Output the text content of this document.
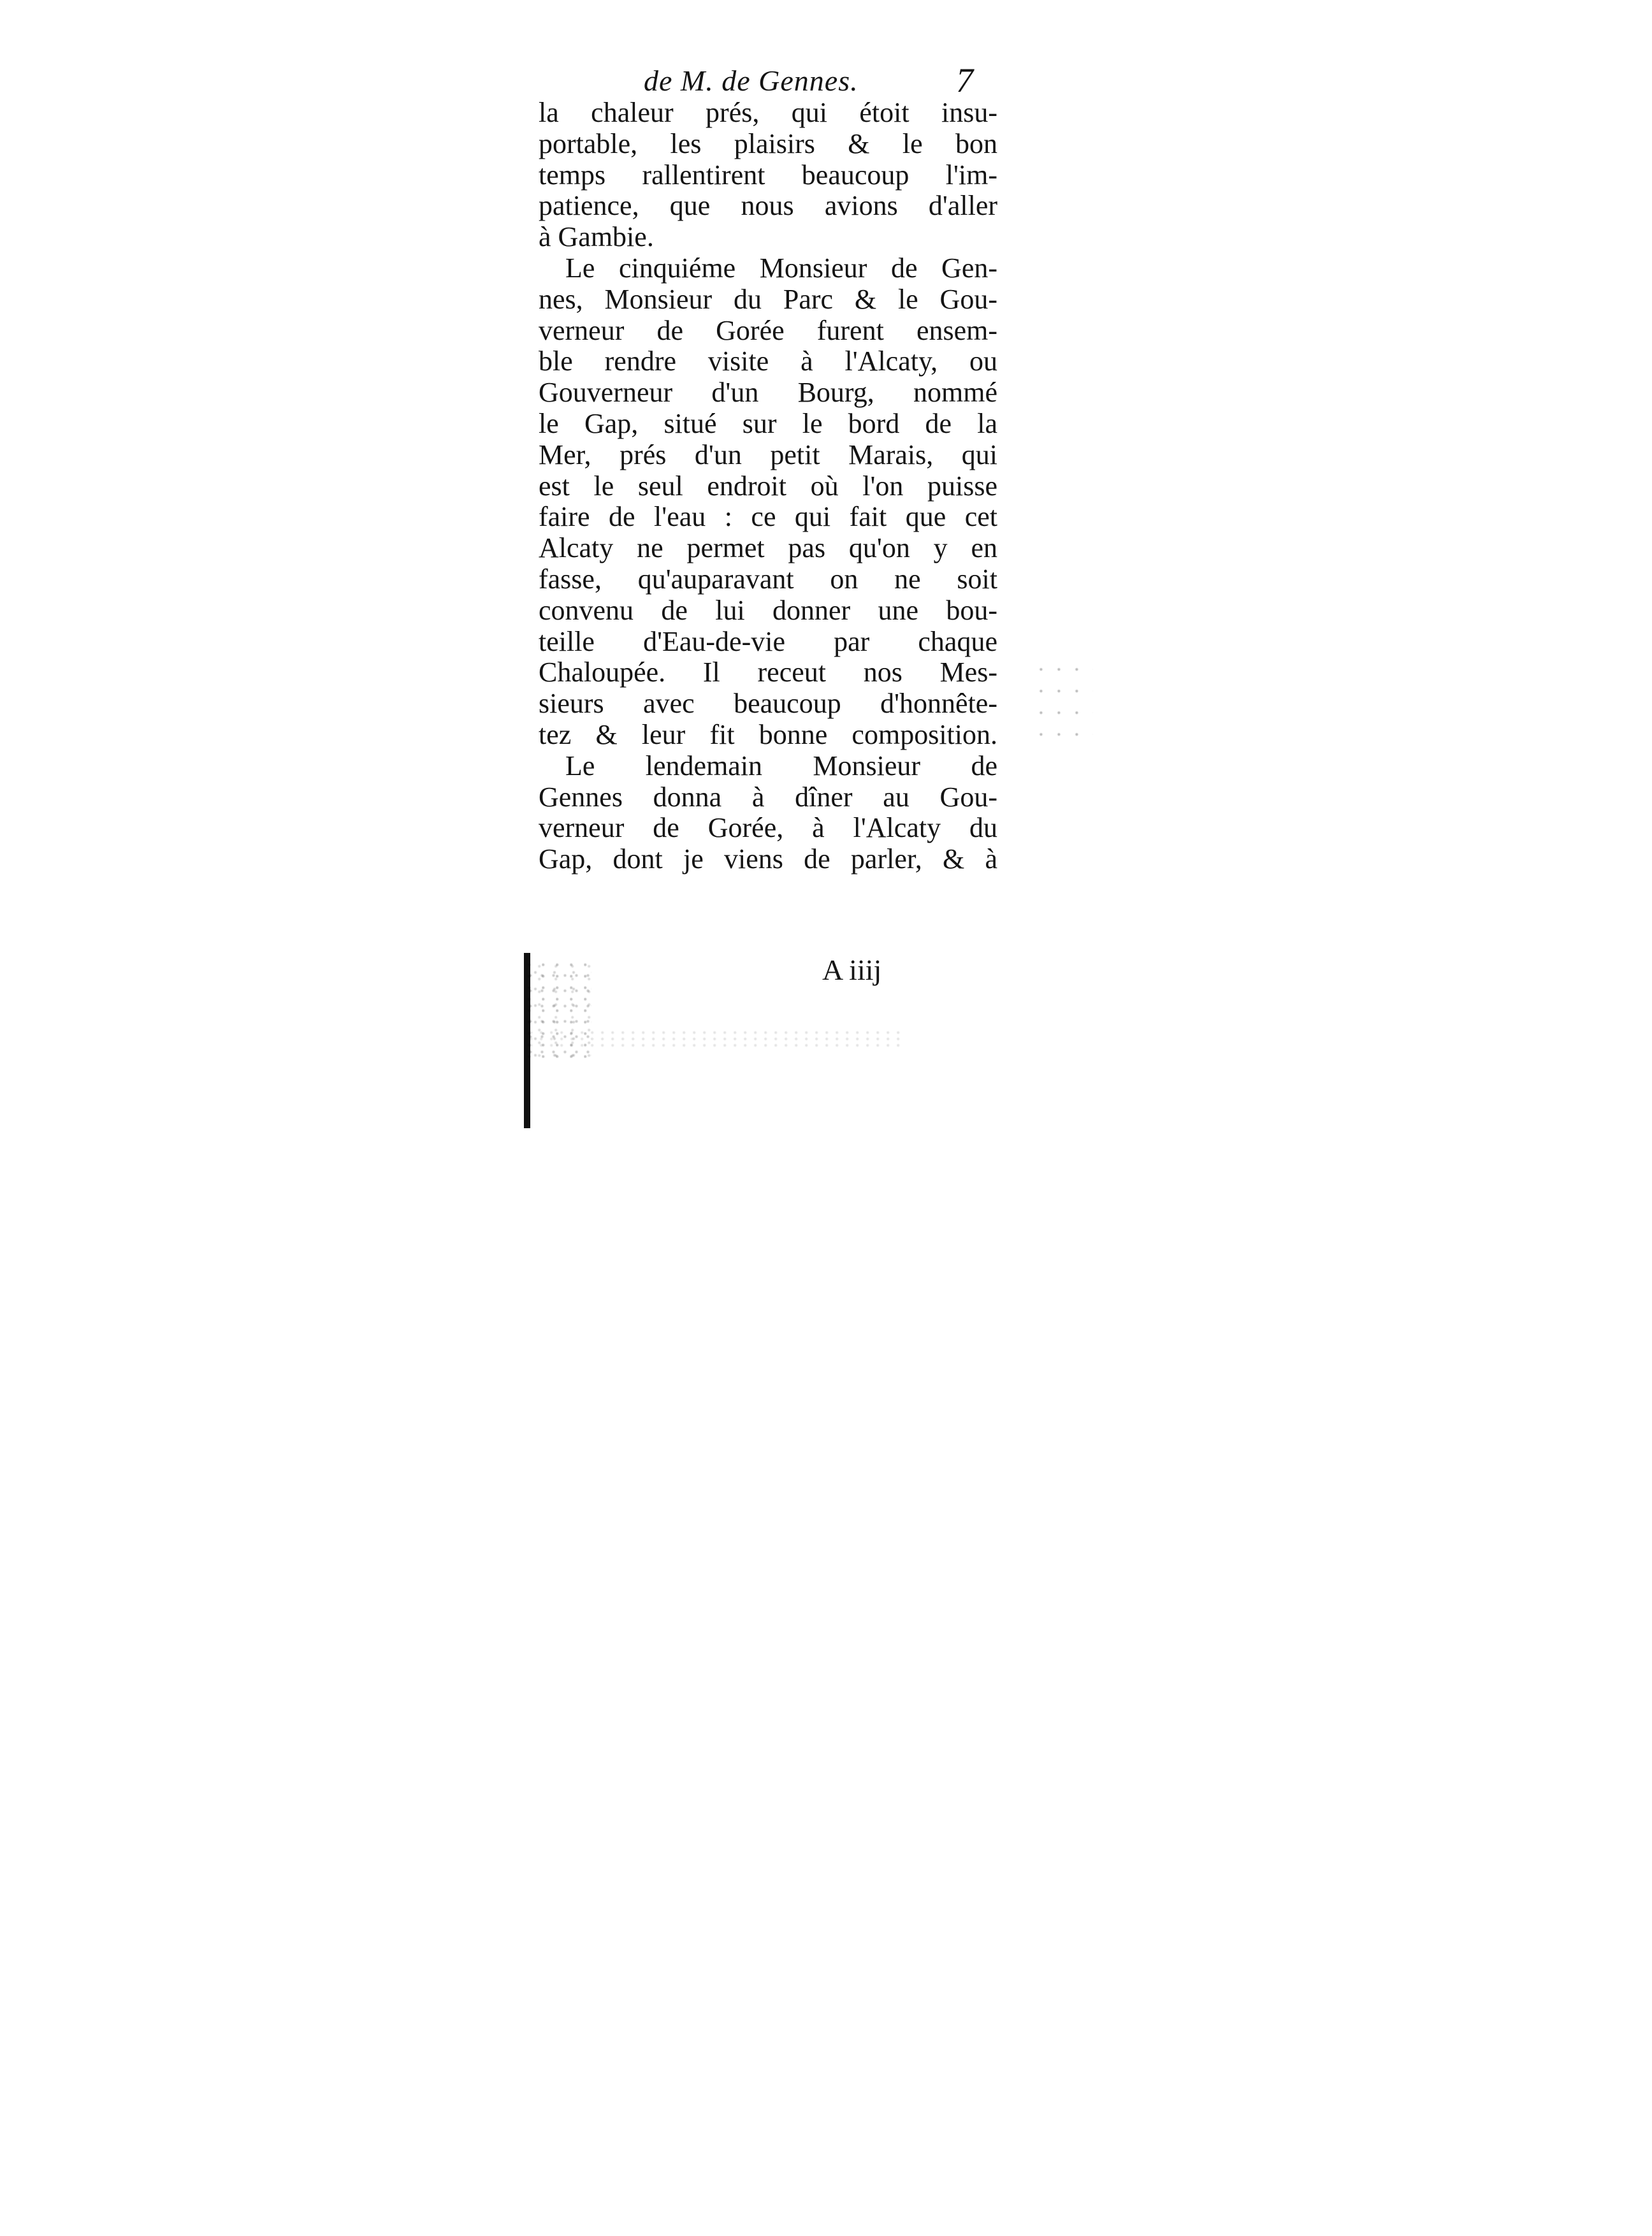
de M. de Gennes.	7
la chaleur prés, qui étoit insu-
portable, les plaisirs & le bon
temps rallentirent beaucoup l'im-
patience, que nous avions d'aller
à Gambie.
Le cinquiéme Monsieur de Gen-
nes, Monsieur du Parc & le Gou-
verneur de Gorée furent ensem-
ble rendre visite à l'Alcaty, ou
Gouverneur d'un Bourg, nommé
le Gap, situé sur le bord de la
Mer, prés d'un petit Marais, qui
est le seul endroit où l'on puisse
faire de l'eau : ce qui fait que cet
Alcaty ne permet pas qu'on y en
fasse, qu'auparavant on ne soit
convenu de lui donner une bou-
teille d'Eau-de-vie par chaque
Chaloupée. Il receut nos Mes-
sieurs avec beaucoup d'honnête-
tez & leur fit bonne composition.
Le lendemain Monsieur de
Gennes donna à dîner au Gou-
verneur de Gorée, à l'Alcaty du
Gap, dont je viens de parler, & à
A iiij
